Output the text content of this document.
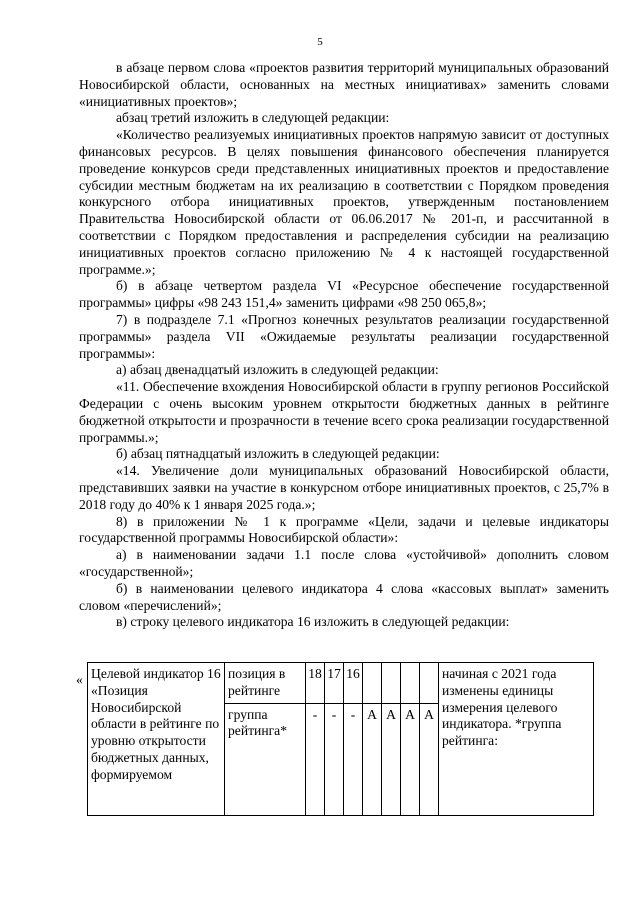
5

в абзаце первом слова «проектов развития территорий муниципальных образований Новосибирской области, основанных на местных инициативах» заменить словами «инициативных проектов»;

абзац третий изложить в следующей редакции:

«Количество реализуемых инициативных проектов напрямую зависит от доступных финансовых ресурсов. В целях повышения финансового обеспечения планируется проведение конкурсов среди представленных инициативных проектов и предоставление субсидии местным бюджетам на их реализацию в соответствии с Порядком проведения конкурсного отбора инициативных проектов, утвержденным постановлением Правительства Новосибирской области от 06.06.2017 № 201-п, и рассчитанной в соответствии с Порядком предоставления и распределения субсидии на реализацию инициативных проектов согласно приложению № 4 к настоящей государственной программе.»;

б) в абзаце четвертом раздела VI «Ресурсное обеспечение государственной программы» цифры «98 243 151,4» заменить цифрами «98 250 065,8»;

7) в подразделе 7.1 «Прогноз конечных результатов реализации государственной программы» раздела VII «Ожидаемые результаты реализации государственной программы»:

а) абзац двенадцатый изложить в следующей редакции:

«11. Обеспечение вхождения Новосибирской области в группу регионов Российской Федерации с очень высоким уровнем открытости бюджетных данных в рейтинге бюджетной открытости и прозрачности в течение всего срока реализации государственной программы.»;

б) абзац пятнадцатый изложить в следующей редакции:

«14. Увеличение доли муниципальных образований Новосибирской области, представивших заявки на участие в конкурсном отборе инициативных проектов, с 25,7% в 2018 году до 40% к 1 января 2025 года.»;

8) в приложении № 1 к программе «Цели, задачи и целевые индикаторы государственной программы Новосибирской области»:

а) в наименовании задачи 1.1 после слова «устойчивой» дополнить словом «государственной»;

б) в наименовании целевого индикатора 4 слова «кассовых выплат» заменить словом «перечислений»;

в) строку целевого индикатора 16 изложить в следующей редакции:

« Целевой индикатор 16 «Позиция Новосибирской области в рейтинге по уровню открытости бюджетных данных, формируемом	позиция в рейтинге	18	17	16					начиная с 2021 года изменены единицы измерения целевого индикатора. *группа рейтинга:
	группа рейтинга*	-	-	-	A	A	A	A	
